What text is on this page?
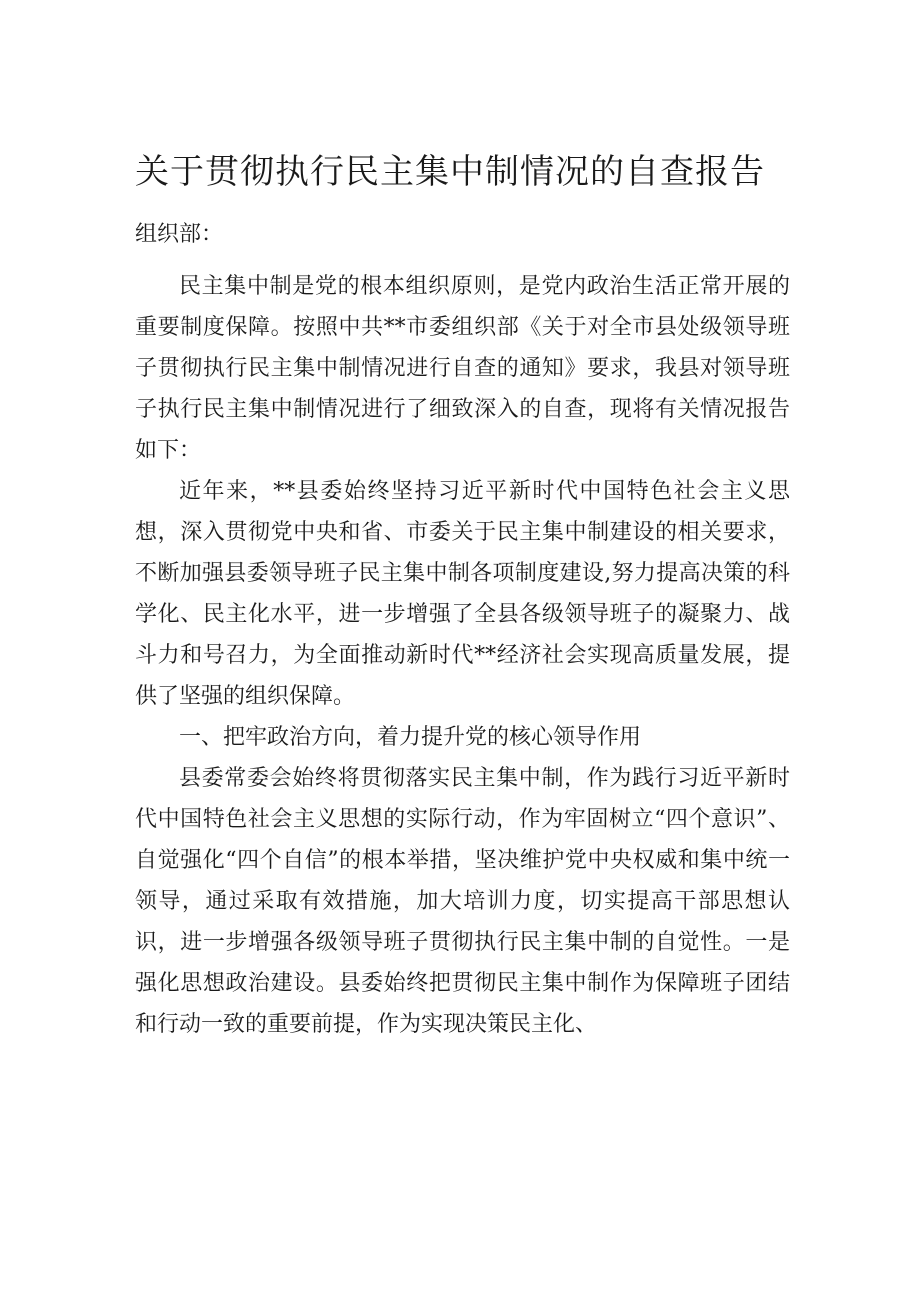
关于贯彻执行民主集中制情况的自查报告
组织部：

民主集中制是党的根本组织原则，是党内政治生活正常开展的重要制度保障。按照中共**市委组织部《关于对全市县处级领导班子贯彻执行民主集中制情况进行自查的通知》要求，我县对领导班子执行民主集中制情况进行了细致深入的自查，现将有关情况报告如下：

近年来，**县委始终坚持习近平新时代中国特色社会主义思想，深入贯彻党中央和省、市委关于民主集中制建设的相关要求，不断加强县委领导班子民主集中制各项制度建设,努力提高决策的科学化、民主化水平，进一步增强了全县各级领导班子的凝聚力、战斗力和号召力，为全面推动新时代**经济社会实现高质量发展，提供了坚强的组织保障。

一、把牢政治方向，着力提升党的核心领导作用

县委常委会始终将贯彻落实民主集中制，作为践行习近平新时代中国特色社会主义思想的实际行动，作为牢固树立“四个意识”、自觉强化“四个自信”的根本举措，坚决维护党中央权威和集中统一领导，通过采取有效措施，加大培训力度，切实提高干部思想认识，进一步增强各级领导班子贯彻执行民主集中制的自觉性。一是强化思想政治建设。县委始终把贯彻民主集中制作为保障班子团结和行动一致的重要前提，作为实现决策民主化、
